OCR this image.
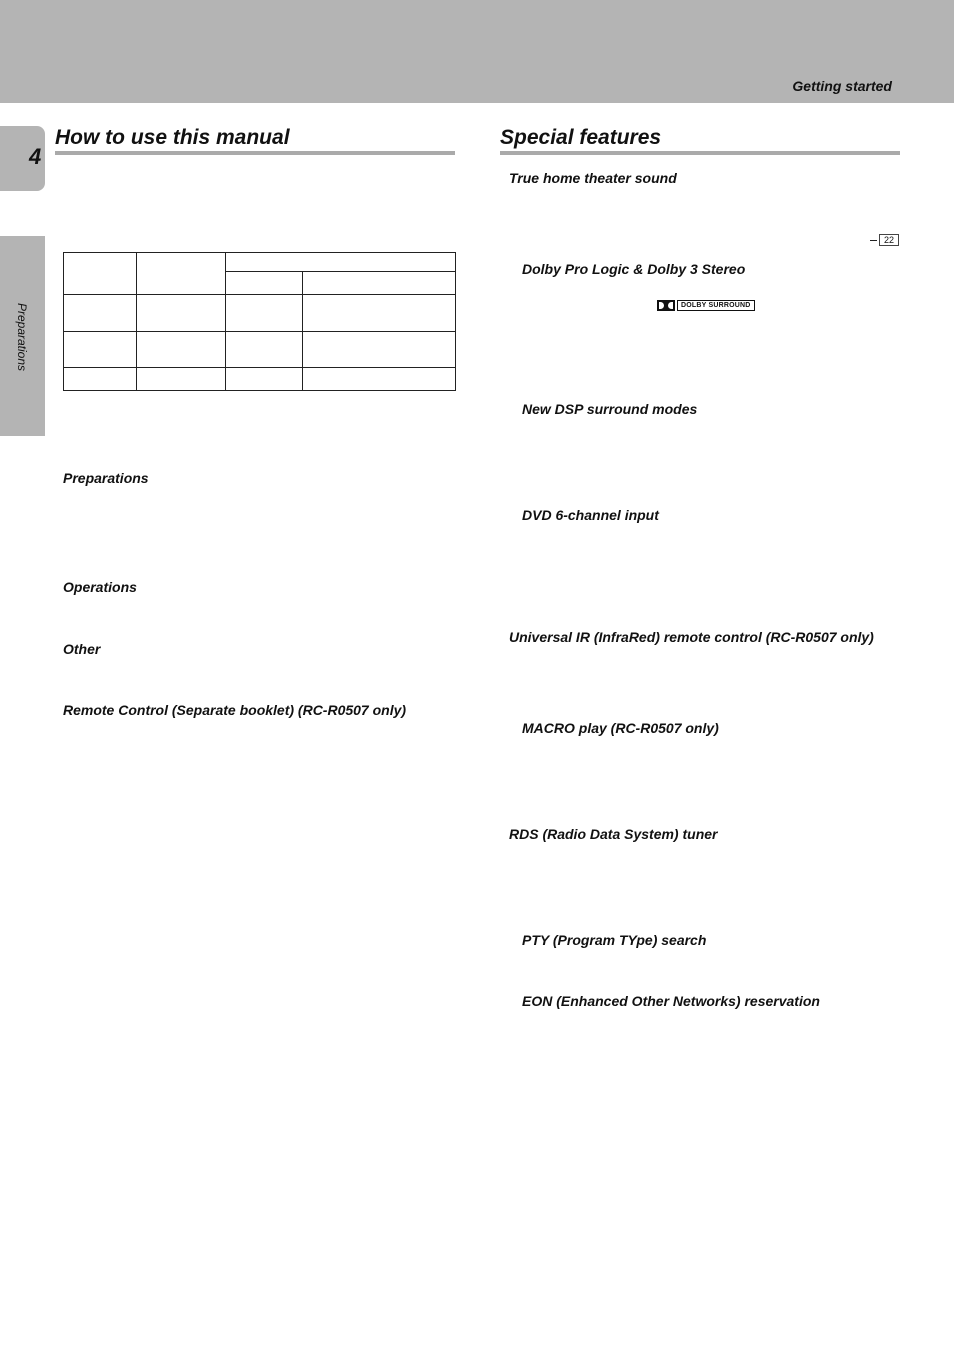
Getting started
4
Preparations
How to use this manual

Preparations
Operations
Other
Remote Control (Separate booklet) (RC-R0507 only)
Special features
True home theater sound
22
Dolby Pro Logic & Dolby 3 Stereo
DOLBY SURROUND
New DSP surround modes
DVD 6-channel input
Universal IR (InfraRed) remote control (RC-R0507 only)
MACRO play (RC-R0507 only)
RDS (Radio Data System) tuner
PTY (Program TYpe) search
EON (Enhanced Other Networks) reservation
